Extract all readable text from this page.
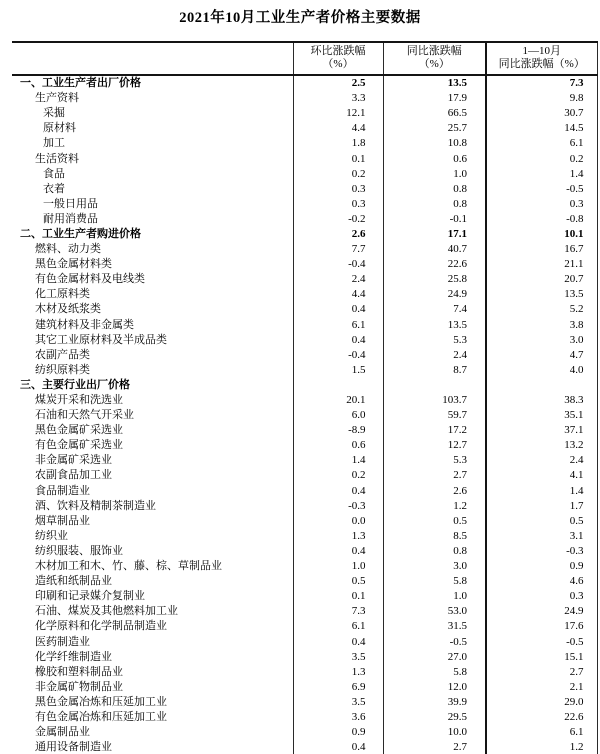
2021年10月工业生产者价格主要数据

环比涨跌幅
（%）

同比涨跌幅
（%）

1—10月
同比涨跌幅（%）

一、工业生产者出厂价格	2.5	13.5	7.3
生产资料	3.3	17.9	9.8
采掘	12.1	66.5	30.7
原材料	4.4	25.7	14.5
加工	1.8	10.8	6.1
生活资料	0.1	0.6	0.2
食品	0.2	1.0	1.4
衣着	0.3	0.8	-0.5
一般日用品	0.3	0.8	0.3
耐用消费品	-0.2	-0.1	-0.8
二、工业生产者购进价格	2.6	17.1	10.1
燃料、动力类	7.7	40.7	16.7
黑色金属材料类	-0.4	22.6	21.1
有色金属材料及电线类	2.4	25.8	20.7
化工原料类	4.4	24.9	13.5
木材及纸浆类	0.4	7.4	5.2
建筑材料及非金属类	6.1	13.5	3.8
其它工业原材料及半成品类	0.4	5.3	3.0
农副产品类	-0.4	2.4	4.7
纺织原料类	1.5	8.7	4.0
三、主要行业出厂价格			
煤炭开采和洗选业	20.1	103.7	38.3
石油和天然气开采业	6.0	59.7	35.1
黑色金属矿采选业	-8.9	17.2	37.1
有色金属矿采选业	0.6	12.7	13.2
非金属矿采选业	1.4	5.3	2.4
农副食品加工业	0.2	2.7	4.1
食品制造业	0.4	2.6	1.4
酒、饮料及精制茶制造业	-0.3	1.2	1.7
烟草制品业	0.0	0.5	0.5
纺织业	1.3	8.5	3.1
纺织服装、服饰业	0.4	0.8	-0.3
木材加工和木、竹、藤、棕、草制品业	1.0	3.0	0.9
造纸和纸制品业	0.5	5.8	4.6
印刷和记录媒介复制业	0.1	1.0	0.3
石油、煤炭及其他燃料加工业	7.3	53.0	24.9
化学原料和化学制品制造业	6.1	31.5	17.6
医药制造业	0.4	-0.5	-0.5
化学纤维制造业	3.5	27.0	15.1
橡胶和塑料制品业	1.3	5.8	2.7
非金属矿物制品业	6.9	12.0	2.1
黑色金属冶炼和压延加工业	3.5	39.9	29.0
有色金属冶炼和压延加工业	3.6	29.5	22.6
金属制品业	0.9	10.0	6.1
通用设备制造业	0.4	2.7	1.2
